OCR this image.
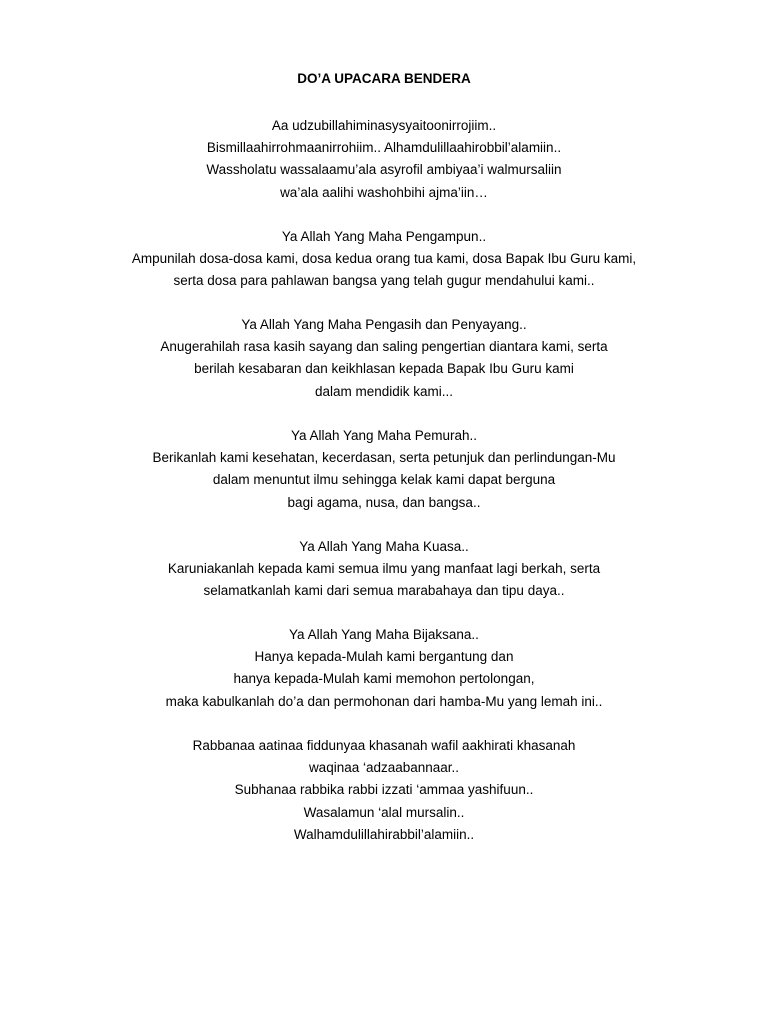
DO’A UPACARA BENDERA
Aa udzubillahiminasysyaitoonirrojiim..
Bismillaahirrohmaanirrohiim.. Alhamdulillaahirobbil’alamiin..
Wassholatu wassalaamu’ala asyrofil ambiyaa’i walmursaliin
wa’ala aalihi washohbihi ajma’iin…
Ya Allah Yang Maha Pengampun..
Ampunilah dosa-dosa kami, dosa kedua orang tua kami, dosa Bapak Ibu Guru kami,
serta dosa para pahlawan bangsa yang telah gugur mendahului kami..
Ya Allah Yang Maha Pengasih dan Penyayang..
Anugerahilah rasa kasih sayang dan saling pengertian diantara kami, serta
berilah kesabaran dan keikhlasan kepada Bapak Ibu Guru kami
dalam mendidik kami...
Ya Allah Yang Maha Pemurah..
Berikanlah kami kesehatan, kecerdasan, serta petunjuk dan perlindungan-Mu
dalam menuntut ilmu sehingga kelak kami dapat berguna
bagi agama, nusa, dan bangsa..
Ya Allah Yang Maha Kuasa..
Karuniakanlah kepada kami semua ilmu yang manfaat lagi berkah, serta
selamatkanlah kami dari semua marabahaya dan tipu daya..
Ya Allah Yang Maha Bijaksana..
Hanya kepada-Mulah kami bergantung dan
hanya kepada-Mulah kami memohon pertolongan,
maka kabulkanlah do’a dan permohonan dari hamba-Mu yang lemah ini..
Rabbanaa aatinaa fiddunyaa khasanah wafil aakhirati khasanah
waqinaa ‘adzaabannaar..
Subhanaa rabbika rabbi izzati ‘ammaa yashifuun..
Wasalamun ‘alal mursalin..
Walhamdulillahirabbil’alamiin..
